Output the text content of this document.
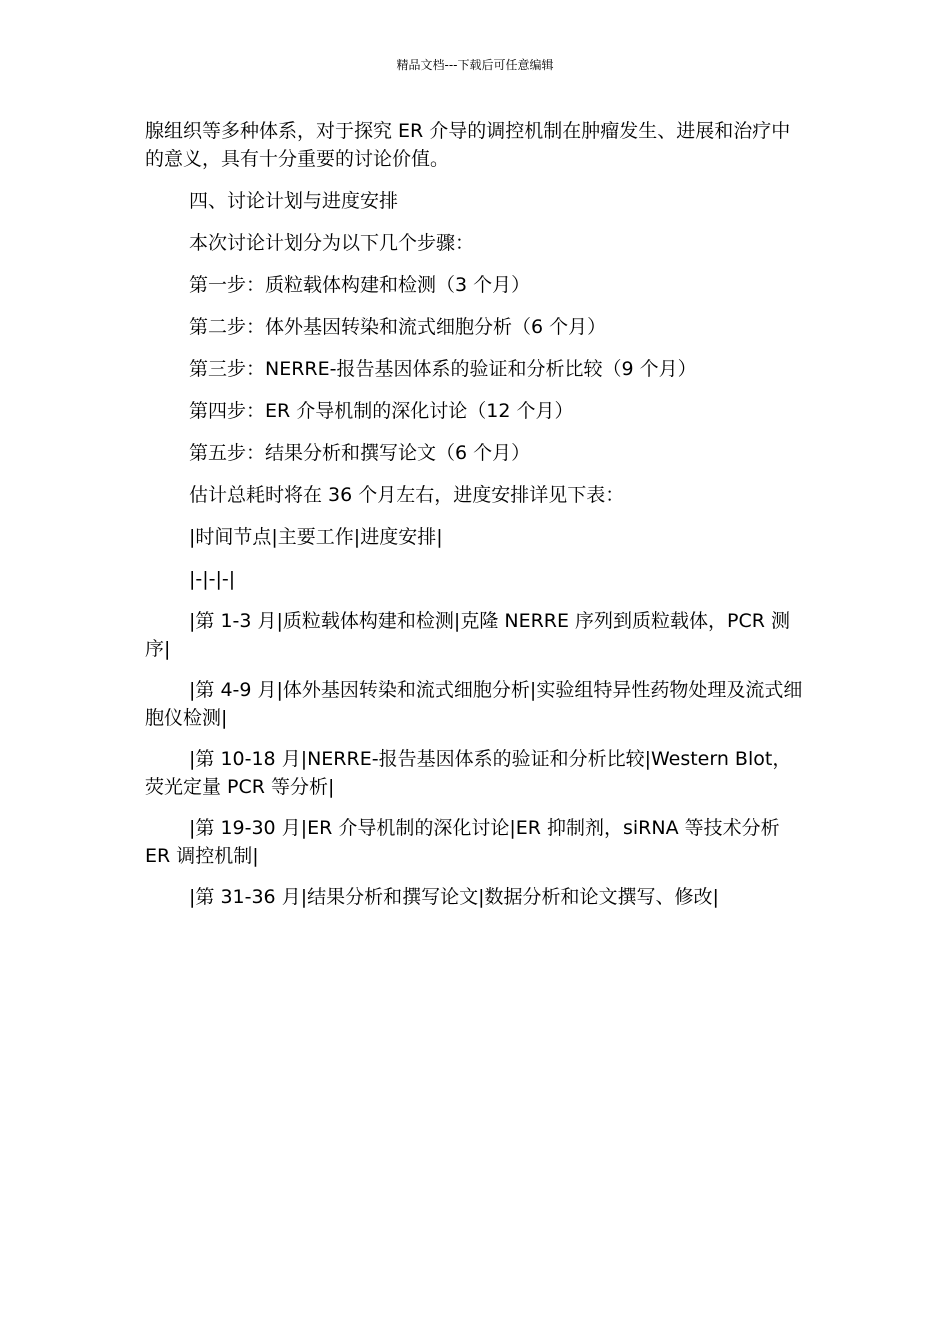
精品文档---下载后可任意编辑

腺组织等多种体系，对于探究 ER 介导的调控机制在肿瘤发生、进展和治疗中的意义，具有十分重要的讨论价值。

四、讨论计划与进度安排

本次讨论计划分为以下几个步骤：

第一步：质粒载体构建和检测（3 个月）

第二步：体外基因转染和流式细胞分析（6 个月）

第三步：NERRE-报告基因体系的验证和分析比较（9 个月）

第四步：ER 介导机制的深化讨论（12 个月）

第五步：结果分析和撰写论文（6 个月）

估计总耗时将在 36 个月左右，进度安排详见下表：

|时间节点|主要工作|进度安排|

|-|-|-|

|第 1-3 月|质粒载体构建和检测|克隆 NERRE 序列到质粒载体，PCR 测序|

|第 4-9 月|体外基因转染和流式细胞分析|实验组特异性药物处理及流式细胞仪检测|

|第 10-18 月|NERRE-报告基因体系的验证和分析比较|Western Blot，荧光定量 PCR 等分析|

|第 19-30 月|ER 介导机制的深化讨论|ER 抑制剂，siRNA 等技术分析 ER 调控机制|

|第 31-36 月|结果分析和撰写论文|数据分析和论文撰写、修改|
